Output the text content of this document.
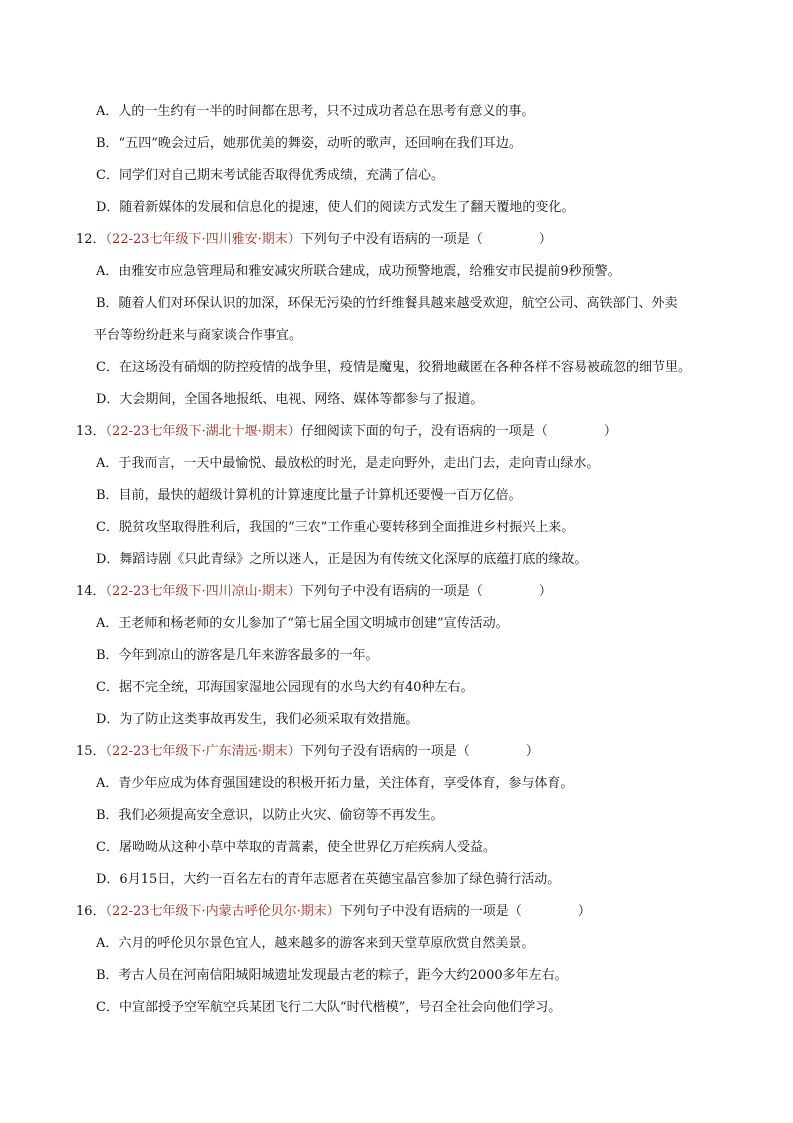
A．人的一生约有一半的时间都在思考，只不过成功者总在思考有意义的事。
B．“五四”晚会过后，她那优美的舞姿，动听的歌声，还回响在我们耳边。
C．同学们对自己期末考试能否取得优秀成绩，充满了信心。
D．随着新媒体的发展和信息化的提速，使人们的阅读方式发生了翻天覆地的变化。
12．（22-23七年级下·四川雅安·期末）下列句子中没有语病的一项是（	）
A．由雅安市应急管理局和雅安减灾所联合建成，成功预警地震，给雅安市民提前9秒预警。
B．随着人们对环保认识的加深，环保无污染的竹纤维餐具越来越受欢迎，航空公司、高铁部门、外卖
平台等纷纷赶来与商家谈合作事宜。
C．在这场没有硝烟的防控疫情的战争里，疫情是魔鬼，狡猾地藏匿在各种各样不容易被疏忽的细节里。
D．大会期间，全国各地报纸、电视、网络、媒体等都参与了报道。
13．（22-23七年级下·湖北十堰·期末）仔细阅读下面的句子，没有语病的一项是（	）
A．于我而言，一天中最愉悦、最放松的时光，是走向野外，走出门去，走向青山绿水。
B．目前，最快的超级计算机的计算速度比量子计算机还要慢一百万亿倍。
C．脱贫攻坚取得胜利后，我国的“三农”工作重心要转移到全面推进乡村振兴上来。
D．舞蹈诗剧《只此青绿》之所以迷人，正是因为有传统文化深厚的底蕴打底的缘故。
14．（22-23七年级下·四川凉山·期末）下列句子中没有语病的一项是（	）
A．王老师和杨老师的女儿参加了“第七届全国文明城市创建”宣传活动。
B．今年到凉山的游客是几年来游客最多的一年。
C．据不完全统，邛海国家湿地公园现有的水鸟大约有40种左右。
D．为了防止这类事故再发生，我们必须采取有效措施。
15．（22-23七年级下·广东清远·期末）下列句子没有语病的一项是（	）
A．青少年应成为体育强国建设的积极开拓力量，关注体育，享受体育，参与体育。
B．我们必须提高安全意识，以防止火灾、偷窃等不再发生。
C．屠呦呦从这种小草中萃取的青蒿素，使全世界亿万疟疾病人受益。
D．6月15日，大约一百名左右的青年志愿者在英德宝晶宫参加了绿色骑行活动。
16．（22-23七年级下·内蒙古呼伦贝尔·期末）下列句子中没有语病的一项是（	）
A．六月的呼伦贝尔景色宜人，越来越多的游客来到天堂草原欣赏自然美景。
B．考古人员在河南信阳城阳城遗址发现最古老的粽子，距今大约2000多年左右。
C．中宣部授予空军航空兵某团飞行二大队“时代楷模”，号召全社会向他们学习。
